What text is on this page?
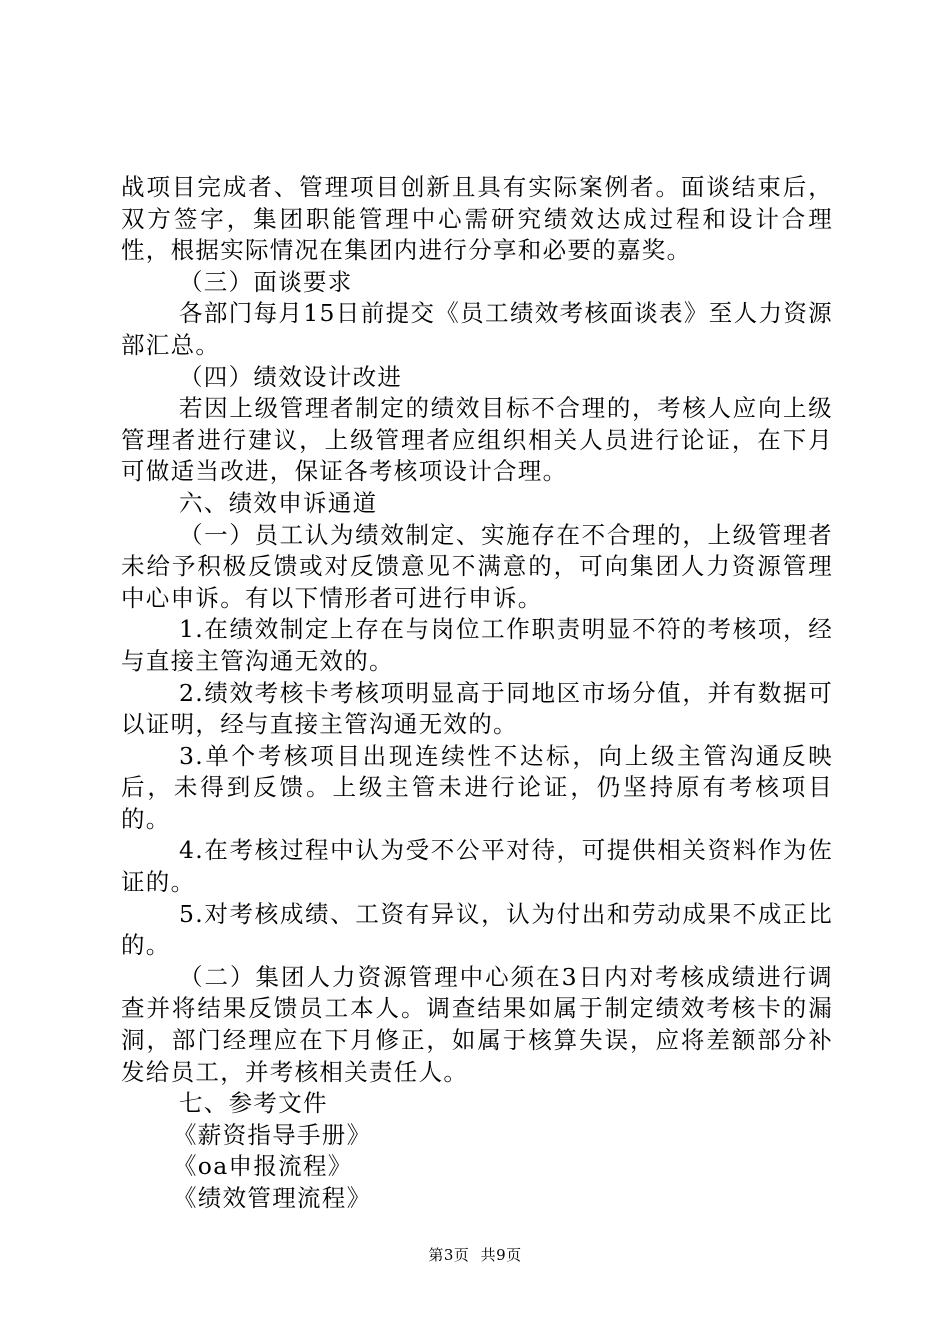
战项目完成者、管理项目创新且具有实际案例者。面谈结束后，双方签字，集团职能管理中心需研究绩效达成过程和设计合理性，根据实际情况在集团内进行分享和必要的嘉奖。

（三）面谈要求

各部门每月15日前提交《员工绩效考核面谈表》至人力资源部汇总。

（四）绩效设计改进

若因上级管理者制定的绩效目标不合理的，考核人应向上级管理者进行建议，上级管理者应组织相关人员进行论证，在下月可做适当改进，保证各考核项设计合理。

六、绩效申诉通道

（一）员工认为绩效制定、实施存在不合理的，上级管理者未给予积极反馈或对反馈意见不满意的，可向集团人力资源管理中心申诉。有以下情形者可进行申诉。

1.在绩效制定上存在与岗位工作职责明显不符的考核项，经与直接主管沟通无效的。

2.绩效考核卡考核项明显高于同地区市场分值，并有数据可以证明，经与直接主管沟通无效的。

3.单个考核项目出现连续性不达标，向上级主管沟通反映后，未得到反馈。上级主管未进行论证，仍坚持原有考核项目的。

4.在考核过程中认为受不公平对待，可提供相关资料作为佐证的。

5.对考核成绩、工资有异议，认为付出和劳动成果不成正比的。

（二）集团人力资源管理中心须在3日内对考核成绩进行调查并将结果反馈员工本人。调查结果如属于制定绩效考核卡的漏洞，部门经理应在下月修正，如属于核算失误，应将差额部分补发给员工，并考核相关责任人。

七、参考文件

《薪资指导手册》

《oa申报流程》

《绩效管理流程》

第3页 共9页
